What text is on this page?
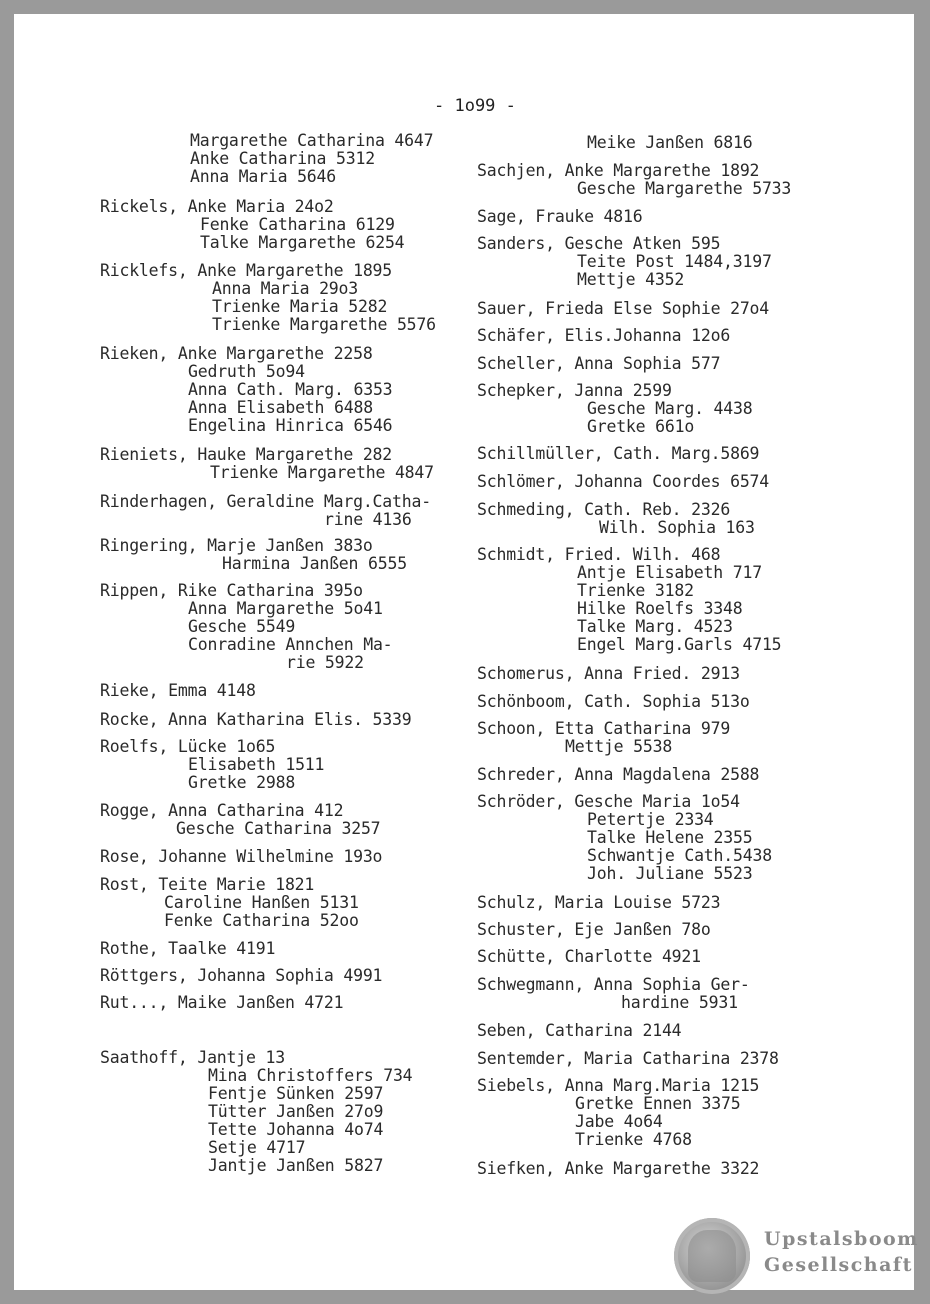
- 1o99 -
Margarethe Catharina 4647
Anke Catharina 5312
Anna Maria 5646
Rickels, Anke Maria 24o2
Fenke Catharina 6129
Talke Margarethe 6254
Ricklefs, Anke Margarethe 1895
Anna Maria 29o3
Trienke Maria 5282
Trienke Margarethe 5576
Rieken, Anke Margarethe 2258
Gedruth 5o94
Anna Cath. Marg. 6353
Anna Elisabeth 6488
Engelina Hinrica 6546
Rieniets, Hauke Margarethe 282
Trienke Margarethe 4847
Rinderhagen, Geraldine Marg.Catha-
rine 4136
Ringering, Marje Janßen 383o
Harmina Janßen 6555
Rippen, Rike Catharina 395o
Anna Margarethe 5o41
Gesche 5549
Conradine Annchen Ma-
rie 5922
Rieke, Emma 4148
Rocke, Anna Katharina Elis. 5339
Roelfs, Lücke 1o65
Elisabeth 1511
Gretke 2988
Rogge, Anna Catharina 412
Gesche Catharina 3257
Rose, Johanne Wilhelmine 193o
Rost, Teite Marie 1821
Caroline Hanßen 5131
Fenke Catharina 52oo
Rothe, Taalke 4191
Röttgers, Johanna Sophia 4991
Rut..., Maike Janßen 4721
Saathoff, Jantje 13
Mina Christoffers 734
Fentje Sünken 2597
Tütter Janßen 27o9
Tette Johanna 4o74
Setje 4717
Jantje Janßen 5827
Meike Janßen 6816
Sachjen, Anke Margarethe 1892
Gesche Margarethe 5733
Sage, Frauke 4816
Sanders, Gesche Atken 595
Teite Post 1484,3197
Mettje 4352
Sauer, Frieda Else Sophie 27o4
Schäfer, Elis.Johanna 12o6
Scheller, Anna Sophia 577
Schepker, Janna 2599
Gesche Marg. 4438
Gretke 661o
Schillmüller, Cath. Marg.5869
Schlömer, Johanna Coordes 6574
Schmeding, Cath. Reb. 2326
Wilh. Sophia 163
Schmidt, Fried. Wilh. 468
Antje Elisabeth 717
Trienke 3182
Hilke Roelfs 3348
Talke Marg. 4523
Engel Marg.Garls 4715
Schomerus, Anna Fried. 2913
Schönboom, Cath. Sophia 513o
Schoon, Etta Catharina 979
Mettje 5538
Schreder, Anna Magdalena 2588
Schröder, Gesche Maria 1o54
Petertje 2334
Talke Helene 2355
Schwantje Cath.5438
Joh. Juliane 5523
Schulz, Maria Louise 5723
Schuster, Eje Janßen 78o
Schütte, Charlotte 4921
Schwegmann, Anna Sophia Ger-
hardine 5931
Seben, Catharina 2144
Sentemder, Maria Catharina 2378
Siebels, Anna Marg.Maria 1215
Gretke Ennen 3375
Jabe 4o64
Trienke 4768
Siefken, Anke Margarethe 3322
Upstalsboom
Gesellschaft
